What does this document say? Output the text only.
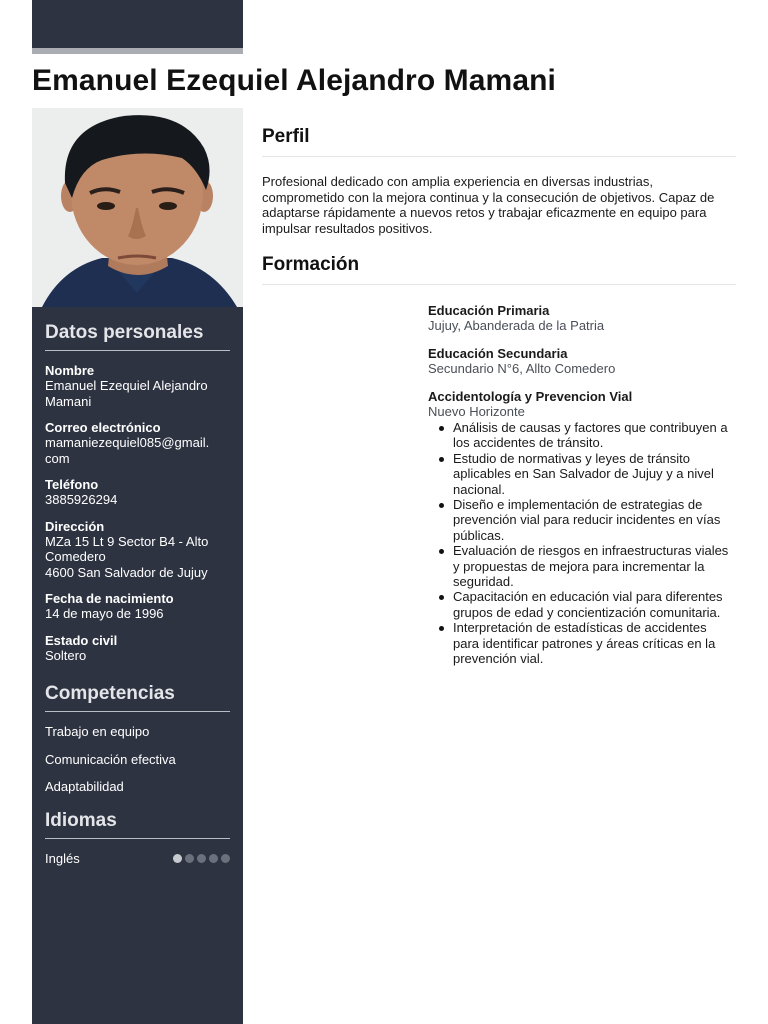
Emanuel Ezequiel Alejandro Mamani
Datos personales
Nombre
Emanuel Ezequiel Alejandro
Mamani
Correo electrónico
mamaniezequiel085@gmail.
com
Teléfono
3885926294
Dirección
MZa 15 Lt 9 Sector B4 - Alto
Comedero
4600 San Salvador de Jujuy
Fecha de nacimiento
14 de mayo de 1996
Estado civil
Soltero
Competencias
Trabajo en equipo
Comunicación efectiva
Adaptabilidad
Idiomas
Inglés
Perfil

Profesional dedicado con amplia experiencia en diversas industrias, comprometido con la mejora continua y la consecución de objetivos. Capaz de adaptarse rápidamente a nuevos retos y trabajar eficazmente en equipo para impulsar resultados positivos.

Formación
Educación Primaria
Jujuy, Abanderada de la Patria
Educación Secundaria
Secundario N°6, Allto Comedero
Accidentología y Prevencion Vial
Nuevo Horizonte
Análisis de causas y factores que contribuyen a los accidentes de tránsito.
Estudio de normativas y leyes de tránsito aplicables en San Salvador de Jujuy y a nivel nacional.
Diseño e implementación de estrategias de prevención vial para reducir incidentes en vías públicas.
Evaluación de riesgos en infraestructuras viales y propuestas de mejora para incrementar la seguridad.
Capacitación en educación vial para diferentes grupos de edad y concientización comunitaria.
Interpretación de estadísticas de accidentes para identificar patrones y áreas críticas en la prevención vial.
